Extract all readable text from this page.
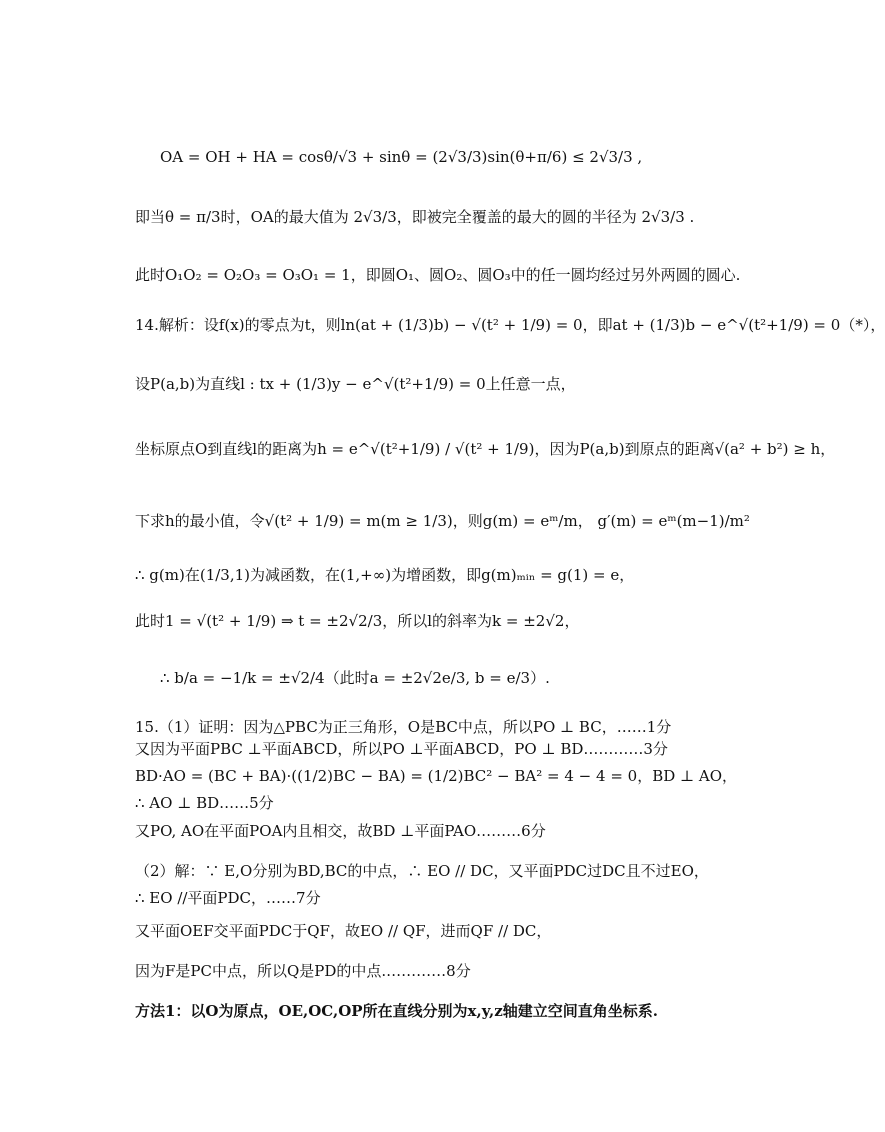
OA = OH + HA = cosθ/√3 + sinθ = (2√3/3)sin(θ+π/6) ≤ 2√3/3 ,
即当θ = π/3时，OA的最大值为 2√3/3，即被完全覆盖的最大的圆的半径为 2√3/3 .
此时O₁O₂ = O₂O₃ = O₃O₁ = 1，即圆O₁、圆O₂、圆O₃中的任一圆均经过另外两圆的圆心.
14.解析：设f(x)的零点为t，则ln(at + (1/3)b) − √(t² + 1/9) = 0，即at + (1/3)b − e^√(t²+1/9) = 0（*），
设P(a,b)为直线l : tx + (1/3)y − e^√(t²+1/9) = 0上任意一点，
坐标原点O到直线l的距离为h = e^√(t²+1/9) / √(t² + 1/9)，因为P(a,b)到原点的距离√(a² + b²) ≥ h，
下求h的最小值，令√(t² + 1/9) = m(m ≥ 1/3)，则g(m) = eᵐ/m， g′(m) = eᵐ(m−1)/m²
∴ g(m)在(1/3,1)为减函数，在(1,+∞)为增函数，即g(m)ₘᵢₙ = g(1) = e，
此时1 = √(t² + 1/9) ⇒ t = ±2√2/3，所以l的斜率为k = ±2√2，
∴ b/a = −1/k = ±√2/4（此时a = ±2√2e/3, b = e/3）.
15.（1）证明：因为△PBC为正三角形，O是BC中点，所以PO ⊥ BC，……1分
又因为平面PBC ⊥平面ABCD，所以PO ⊥平面ABCD，PO ⊥ BD…………3分
BD·AO = (BC + BA)·((1/2)BC − BA) = (1/2)BC² − BA² = 4 − 4 = 0，BD ⊥ AO，
∴ AO ⊥ BD……5分
又PO, AO在平面POA内且相交，故BD ⊥平面PAO………6分
（2）解：∵ E,O分别为BD,BC的中点，∴ EO // DC，又平面PDC过DC且不过EO，
∴ EO //平面PDC，……7分
又平面OEF交平面PDC于QF，故EO // QF，进而QF // DC，
因为F是PC中点，所以Q是PD的中点.…………8分
方法1：以O为原点，OE,OC,OP所在直线分别为x,y,z轴建立空间直角坐标系.
